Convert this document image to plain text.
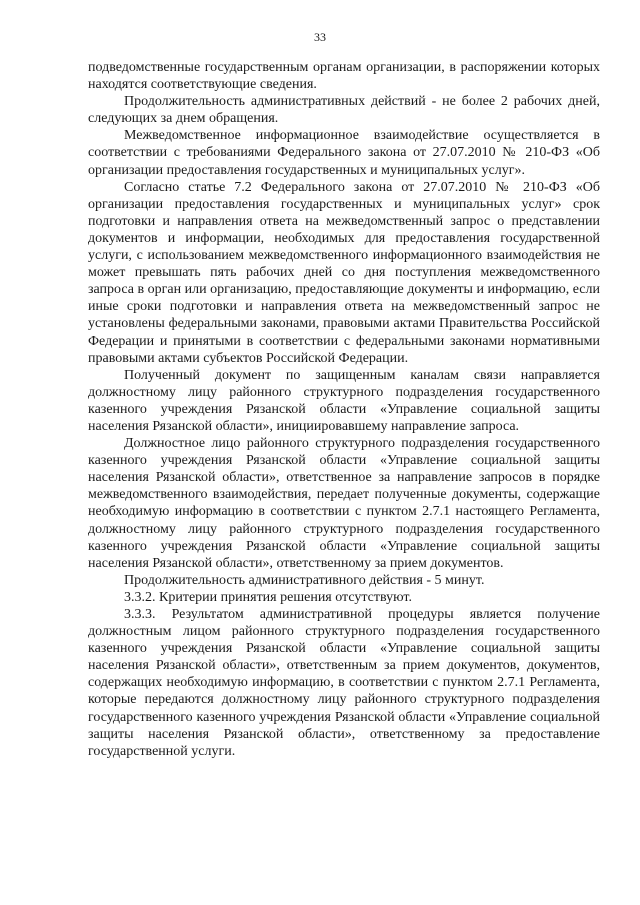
33

подведомственные государственным органам организации, в распоряжении которых находятся соответствующие сведения.

Продолжительность административных действий - не более 2 рабочих дней, следующих за днем обращения.

Межведомственное информационное взаимодействие осуществляется в соответствии с требованиями Федерального закона от 27.07.2010 № 210-ФЗ «Об организации предоставления государственных и муниципальных услуг».

Согласно статье 7.2 Федерального закона от 27.07.2010 № 210-ФЗ «Об организации предоставления государственных и муниципальных услуг» срок подготовки и направления ответа на межведомственный запрос о представлении документов и информации, необходимых для предоставления государственной услуги, с использованием межведомственного информационного взаимодействия не может превышать пять рабочих дней со дня поступления межведомственного запроса в орган или организацию, предоставляющие документы и информацию, если иные сроки подготовки и направления ответа на межведомственный запрос не установлены федеральными законами, правовыми актами Правительства Российской Федерации и принятыми в соответствии с федеральными законами нормативными правовыми актами субъектов Российской Федерации.

Полученный документ по защищенным каналам связи направляется должностному лицу районного структурного подразделения государственного казенного учреждения Рязанской области «Управление социальной защиты населения Рязанской области», инициировавшему направление запроса.

Должностное лицо районного структурного подразделения государственного казенного учреждения Рязанской области «Управление социальной защиты населения Рязанской области», ответственное за направление запросов в порядке межведомственного взаимодействия, передает полученные документы, содержащие необходимую информацию в соответствии с пунктом 2.7.1 настоящего Регламента, должностному лицу районного структурного подразделения государственного казенного учреждения Рязанской области «Управление социальной защиты населения Рязанской области», ответственному за прием документов.

Продолжительность административного действия - 5 минут.

3.3.2. Критерии принятия решения отсутствуют.

3.3.3. Результатом административной процедуры является получение должностным лицом районного структурного подразделения государственного казенного учреждения Рязанской области «Управление социальной защиты населения Рязанской области», ответственным за прием документов, документов, содержащих необходимую информацию, в соответствии с пунктом 2.7.1 Регламента, которые передаются должностному лицу районного структурного подразделения государственного казенного учреждения Рязанской области «Управление социальной защиты населения Рязанской области», ответственному за предоставление государственной услуги.
